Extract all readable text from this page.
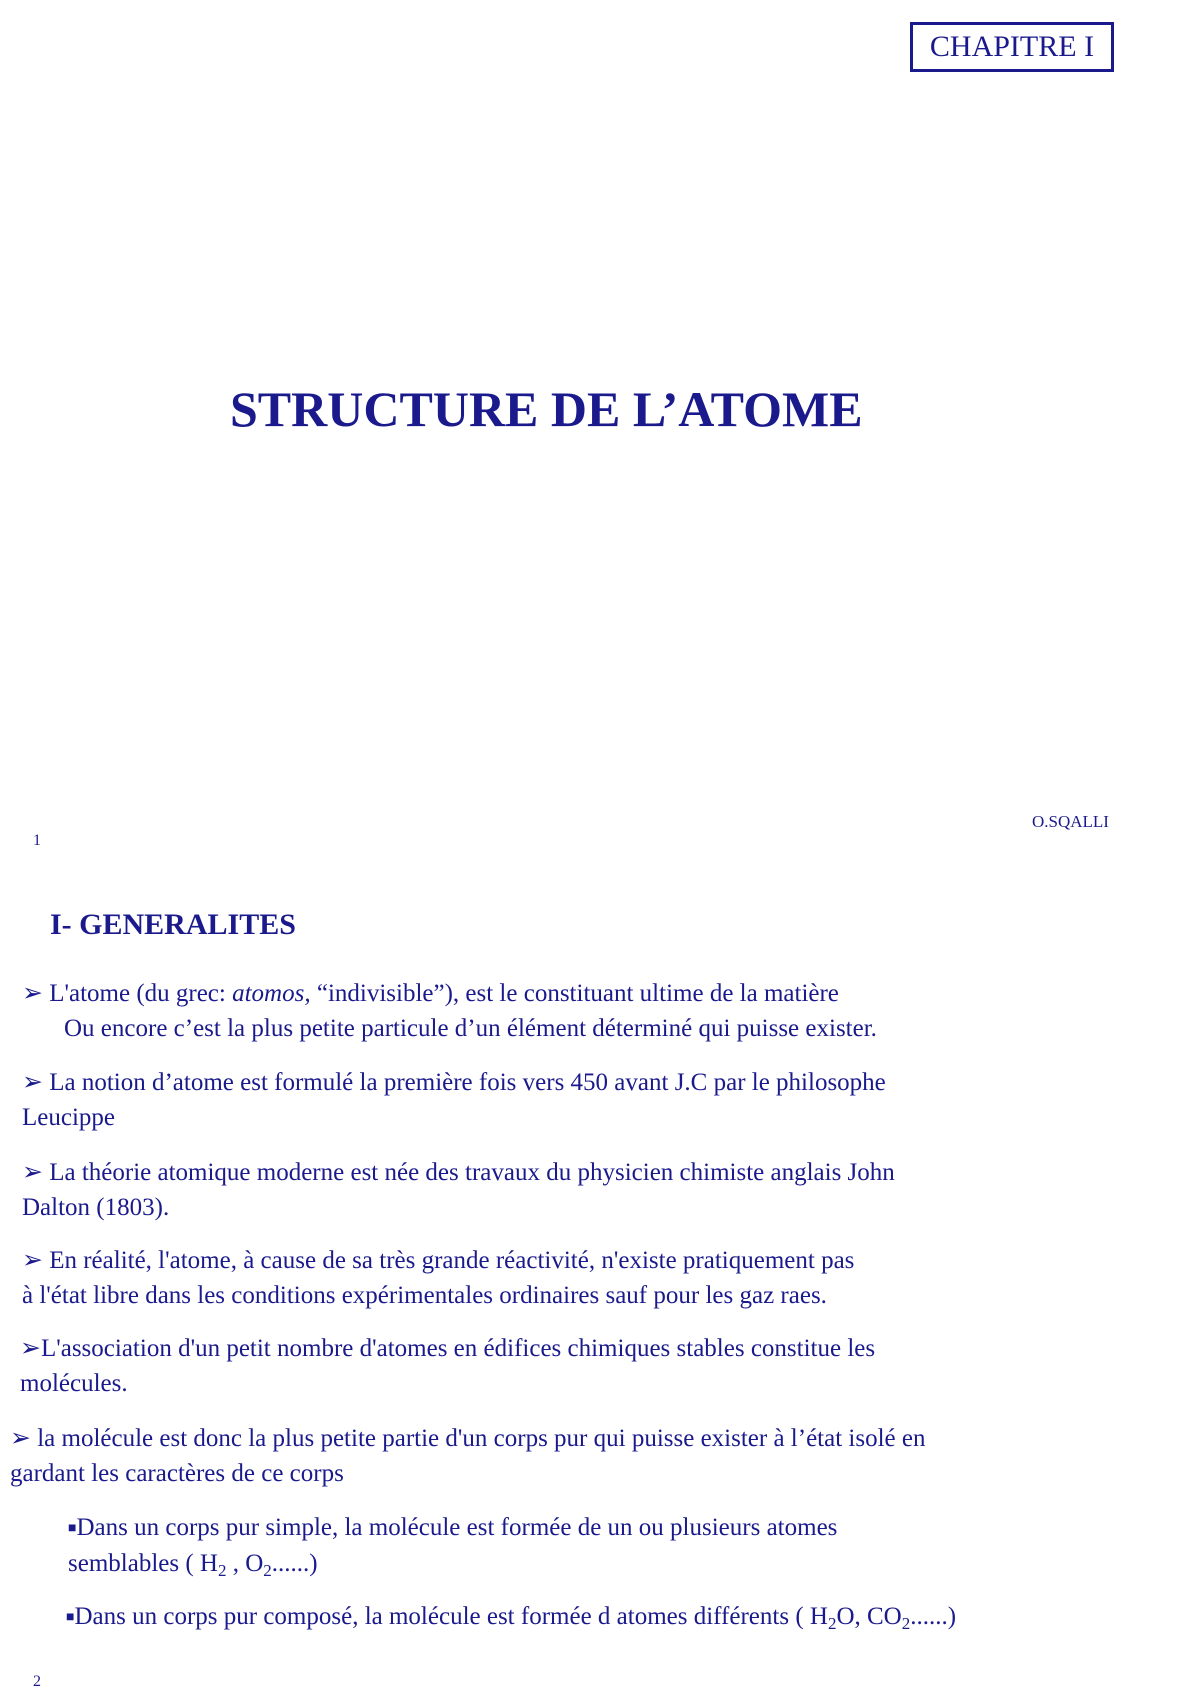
CHAPITRE I
STRUCTURE DE L’ATOME
O.SQALLI
1
I- GENERALITES
➢ L'atome (du grec: atomos, “indivisible”), est le constituant ultime de la matière
Ou encore c’est la plus petite particule d’un élément déterminé qui puisse exister.
➢ La notion d’atome est formulé la première fois vers 450 avant J.C par le philosophe
Leucippe
➢ La théorie atomique moderne est née des travaux du physicien chimiste anglais John
Dalton (1803).
➢ En réalité, l'atome, à cause de sa très grande réactivité, n'existe pratiquement pas
à l'état libre dans les conditions expérimentales ordinaires sauf pour les gaz raes.
➢L'association d'un petit nombre d'atomes en édifices chimiques stables constitue les
molécules.
➢ la molécule est donc la plus petite partie d'un corps pur qui puisse exister à l’état isolé en
gardant les caractères de ce corps
■Dans un corps pur simple, la molécule est formée de un ou plusieurs atomes
semblables ( $H_2$ , $O_2$......)
■Dans un corps pur composé, la molécule est formée d atomes différents ( $H_2O$, $CO_2$......)
2
